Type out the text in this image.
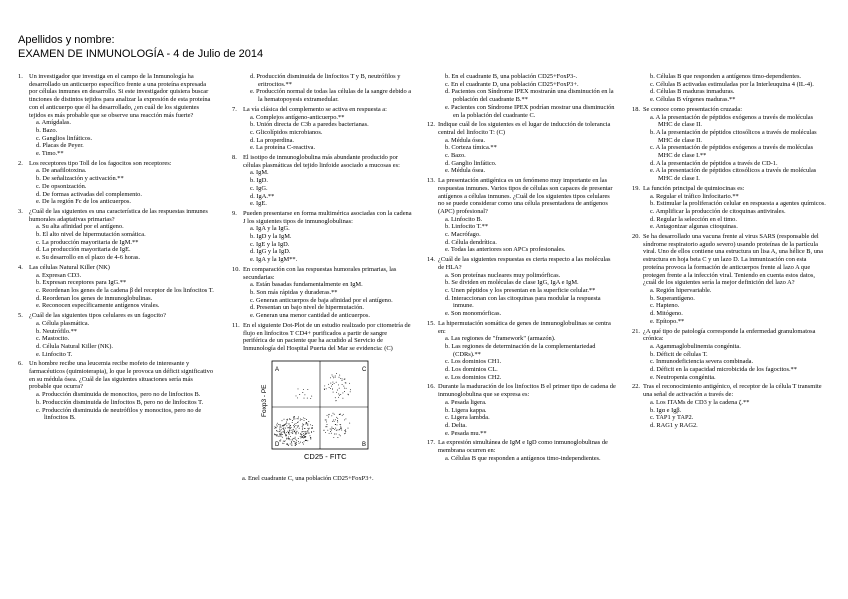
Apellidos y nombre:
EXAMEN DE INMUNOLOGÍA - 4 de Julio de 2014
1. Un investigador que investiga en el campo de la Inmunología ha desarrollado un anticuerpo específico frente a una proteína expresada por células inmunes en desarrollo. Si este investigador quisiera buscar tinciones de distintos tejidos para analizar la expresión de esta proteína con el anticuerpo que él ha desarrollado, ¿en cuál de los siguientes tejidos es más probable que se observe una reacción más fuerte?
a. Amígdalas.
b. Bazo.
c. Ganglios linfáticos.
d. Placas de Peyer.
e. Timo.**
2. Los receptores tipo Toll de los fagocitos son receptores:
a. De anafilotoxina.
b. De señalización y activación.**
c. De opsonización.
d. De formas activadas del complemento.
e. De la región Fc de los anticuerpos.
3. ¿Cuál de las siguientes es una característica de las respuestas inmunes humorales adaptativas primarias?
a. Su alta afinidad por el antígeno.
b. El alto nivel de hipermutación somática.
c. La producción mayoritaria de IgM.**
d. La producción mayoritaria de IgE.
e. Su desarrollo en el plazo de 4-6 horas.
4. Las células Natural Killer (NK)
a. Expresan CD3.
b. Expresan receptores para IgG.**
c. Reordenan los genes de la cadena β del receptor de los linfocitos T.
d. Reordenan los genes de inmunoglobulinas.
e. Reconocen específicamente antígenos virales.
5. ¿Cuál de las siguientes tipos celulares es un fagocito?
a. Célula plasmática.
b. Neutrófilo.**
c. Mastocito.
d. Célula Natural Killer (NK).
e. Linfocito T.
6. Un hombre recibe una leucemia recibe mofeto de interesante y farmacéuticos (quimioterapia), lo que le provoca un déficit significativo en su médula ósea. ¿Cuál de las siguientes situaciones sería más probable que ocurra?
a. Producción disminuida de monocitos, pero no de linfocitos B.
b. Producción disminuida de linfocitos B, pero no de linfocitos T.
c. Producción disminuida de neutrófilos y monocitos, pero no de linfocitos B.
d. Producción disminuida de linfocitos T y B, neutrófilos y eritrocitos.**
e. Producción normal de todas las células de la sangre debido a la hematopoyesis extramedular.
7. La vía clásica del complemento se activa en respuesta a:
a. Complejos antígeno-anticuerpo.**
b. Unión directa de C3b a paredes bacterianas.
c. Glicolípidos microbianos.
d. La properdina.
e. La proteína C-reactiva.
8. El isotipo de inmunoglobulina más abundante producido por células plasmáticas del tejido linfoide asociado a mucosas es:
a. IgM.
b. IgD.
c. IgG.
d. IgA.**
e. IgE.
9. Pueden presentarse en forma multimérica asociadas con la cadena J los siguientes tipos de inmunoglobulinas:
a. IgA y la IgG.
b. IgD y la IgM.
c. IgE y la IgD.
d. IgG y la IgD.
e. IgA y la IgM**.
10. En comparación con las respuestas humorales primarias, las secundarias:
a. Están basadas fundamentalmente en IgM.
b. Son más rápidas y duraderas.**
c. Generan anticuerpos de baja afinidad por el antígeno.
d. Presentan un bajo nivel de hipermutación.
e. Generan una menor cantidad de anticuerpos.
11. En el siguiente Dot-Plot de un estudio realizado por citometría de flujo en linfocitos T CD4+ purificados a partir de sangre periférica de un paciente que ha acudido al Servicio de Inmunología del Hospital Puerta del Mar se evidencia: (C)
A	C
D	B
Foxp3 - PE
CD25 - FITC
a. Enel cuadrante C, una población CD25+FoxP3+.
b. En el cuadrante B, una población CD25+FoxP3-.
c. En el cuadrante D, una población CD25+FoxP3+.
d. Pacientes con Síndrome IPEX mostrarán una disminución en la población del cuadrante B.**
e. Pacientes con Síndrome IPEX podrían mostrar una disminución en la población del cuadrante C.
12. Indique cuál de los siguientes es el lugar de inducción de tolerancia central del linfocito T: (C)
a. Médula ósea.
b. Corteza tímica.**
c. Bazo.
d. Ganglio linfático.
e. Médula ósea.
13. La presentación antigénica es un fenómeno muy importante en las respuestas inmunes. Varios tipos de células son capaces de presentar antígenos a células inmunes. ¿Cuál de los siguientes tipos celulares no se puede considerar como una célula presentadora de antígenos (APC) profesional?
a. Linfocito B.
b. Linfocito T.**
c. Macrófago.
d. Célula dendrítica.
e. Todas las anteriores son APCs profesionales.
14. ¿Cuál de las siguientes respuestas es cierta respecto a las moléculas de HLA?
a. Son proteínas nucleares muy polimórficas.
b. Se dividen en moléculas de clase IgG, IgA e IgM.
c. Unen péptidos y los presentan en la superficie celular.**
d. Interaccionan con las citoquinas para modular la respuesta inmune.
e. Son monomórficas.
15. La hipermutación somática de genes de inmunoglobulinas se centra en:
a. Las regiones de "framework" (armazón).
b. Las regiones de determinación de la complementariedad (CDRs).**
c. Los dominios CH1.
d. Los dominios CL.
e. Los dominios CH2.
16. Durante la maduración de los linfocitos B el primer tipo de cadena de inmunoglobulina que se expresa es:
a. Pesada ligera.
b. Ligera kappa.
c. Ligera lambda.
d. Delta.
e. Pesada mu.**
17. La expresión simultánea de IgM e IgD como inmunoglobulinas de membrana ocurren en:
a. Células B que responden a antígenos timo-independientes.
b. Células B que responden a antígenos timo-dependientes.
c. Células B activadas estimuladas por la Interleuquina 4 (IL-4).
d. Células B maduras inmaduras.
e. Células B vírgenes maduras.**
18. Se conoce como presentación cruzada:
a. A la presentación de péptidos exógenos a través de moléculas MHC de clase II.
b. A la presentación de péptidos citosólicos a través de moléculas MHC de clase II.
c. A la presentación de péptidos exógenos a través de moléculas MHC de clase I.**
d. A la presentación de péptidos a través de CD-1.
e. A la presentación de péptidos citosólicos a través de moléculas MHC de clase I.
19. La función principal de quimiocinas es:
a. Regular el tráfico linfocitario.**
b. Estimular la proliferación celular en respuesta a agentes químicos.
c. Amplificar la producción de citoquinas antivirales.
d. Regular la selección en el timo.
e. Antagonizar algunas citoquinas.
20. Se ha desarrollado una vacuna frente al virus SARS (responsable del síndrome respiratorio agudo severo) usando proteínas de la partícula viral. Uno de ellos contiene una estructura un lisa A, una hélice B, una estructura en hoja beta C y un lazo D. La inmunización con esta proteína provoca la formación de anticuerpos frente al lazo A que protegen frente a la infección viral. Teniendo en cuenta estos datos, ¿cuál de los siguientes sería la mejor definición del lazo A?
a. Región hipervariable.
b. Superantígeno.
c. Hapteno.
d. Mitógeno.
e. Epítopo.**
21. ¿A qué tipo de patología corresponde la enfermedad granulomatosa crónica:
a. Agammaglobulinemia congénita.
b. Déficit de células T.
c. Inmunodeficiencia severa combinada.
d. Déficit en la capacidad microbicida de los fagocitos.**
e. Neutropenia congénita.
22. Tras el reconocimiento antigénico, el receptor de la célula T transmite una señal de activación a través de:
a. Los ITAMs de CD3 y la cadena ζ.**
b. Igα e Igβ.
c. TAP1 y TAP2.
d. RAG1 y RAG2.
